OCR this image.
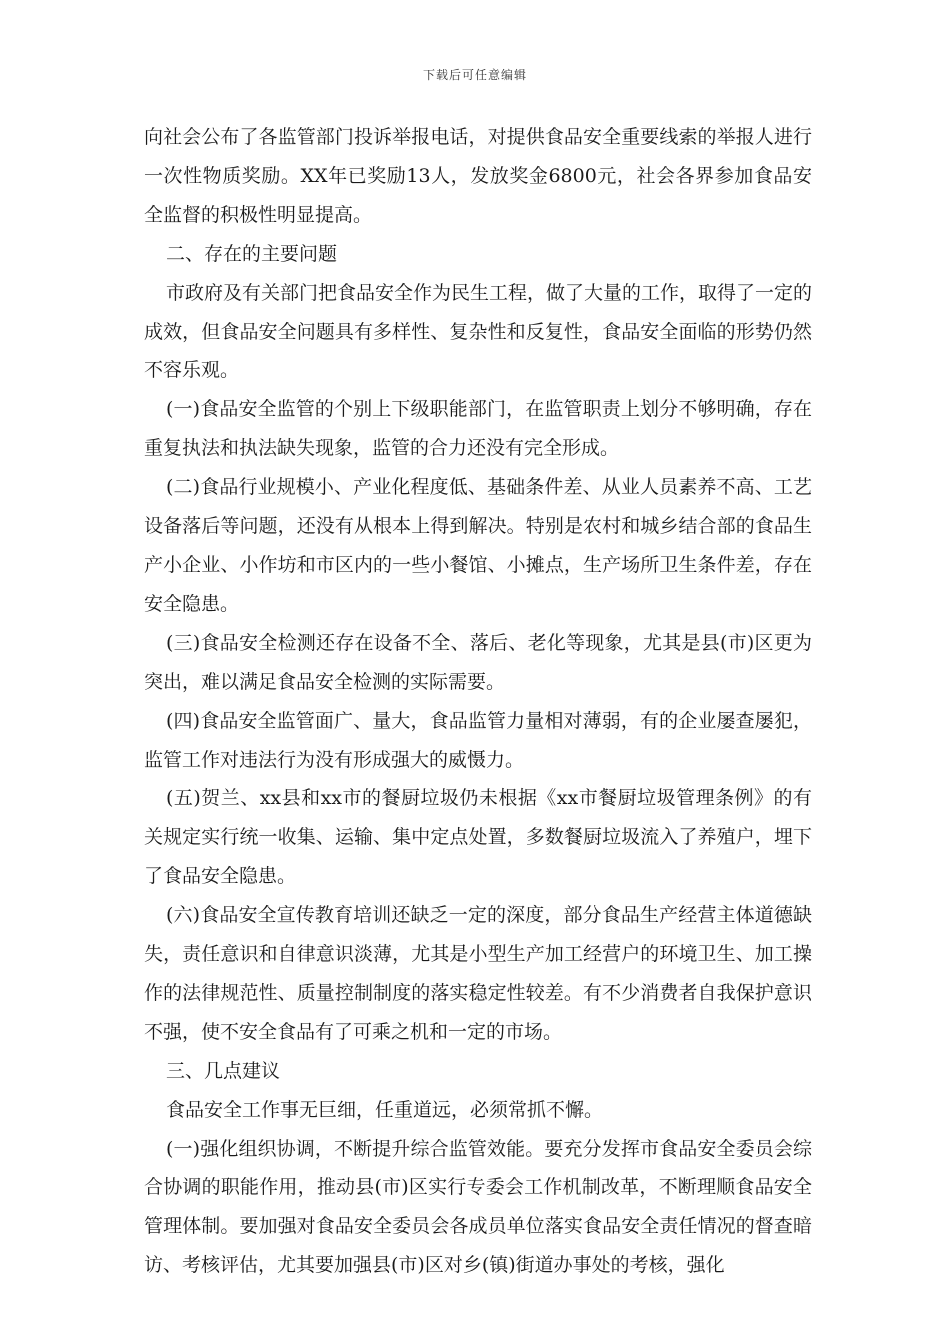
下载后可任意编辑

向社会公布了各监管部门投诉举报电话，对提供食品安全重要线索的举报人进行一次性物质奖励。XX年已奖励13人，发放奖金6800元，社会各界参加食品安全监督的积极性明显提高。

二、存在的主要问题

市政府及有关部门把食品安全作为民生工程，做了大量的工作，取得了一定的成效，但食品安全问题具有多样性、复杂性和反复性，食品安全面临的形势仍然不容乐观。

(一)食品安全监管的个别上下级职能部门，在监管职责上划分不够明确，存在重复执法和执法缺失现象，监管的合力还没有完全形成。

(二)食品行业规模小、产业化程度低、基础条件差、从业人员素养不高、工艺设备落后等问题，还没有从根本上得到解决。特别是农村和城乡结合部的食品生产小企业、小作坊和市区内的一些小餐馆、小摊点，生产场所卫生条件差，存在安全隐患。

(三)食品安全检测还存在设备不全、落后、老化等现象，尤其是县(市)区更为突出，难以满足食品安全检测的实际需要。

(四)食品安全监管面广、量大，食品监管力量相对薄弱，有的企业屡查屡犯，监管工作对违法行为没有形成强大的威慑力。

(五)贺兰、xx县和xx市的餐厨垃圾仍未根据《xx市餐厨垃圾管理条例》的有关规定实行统一收集、运输、集中定点处置，多数餐厨垃圾流入了养殖户，埋下了食品安全隐患。

(六)食品安全宣传教育培训还缺乏一定的深度，部分食品生产经营主体道德缺失，责任意识和自律意识淡薄，尤其是小型生产加工经营户的环境卫生、加工操作的法律规范性、质量控制制度的落实稳定性较差。有不少消费者自我保护意识不强，使不安全食品有了可乘之机和一定的市场。

三、几点建议

食品安全工作事无巨细，任重道远，必须常抓不懈。

(一)强化组织协调，不断提升综合监管效能。要充分发挥市食品安全委员会综合协调的职能作用，推动县(市)区实行专委会工作机制改革，不断理顺食品安全管理体制。要加强对食品安全委员会各成员单位落实食品安全责任情况的督查暗访、考核评估，尤其要加强县(市)区对乡(镇)街道办事处的考核，强化
